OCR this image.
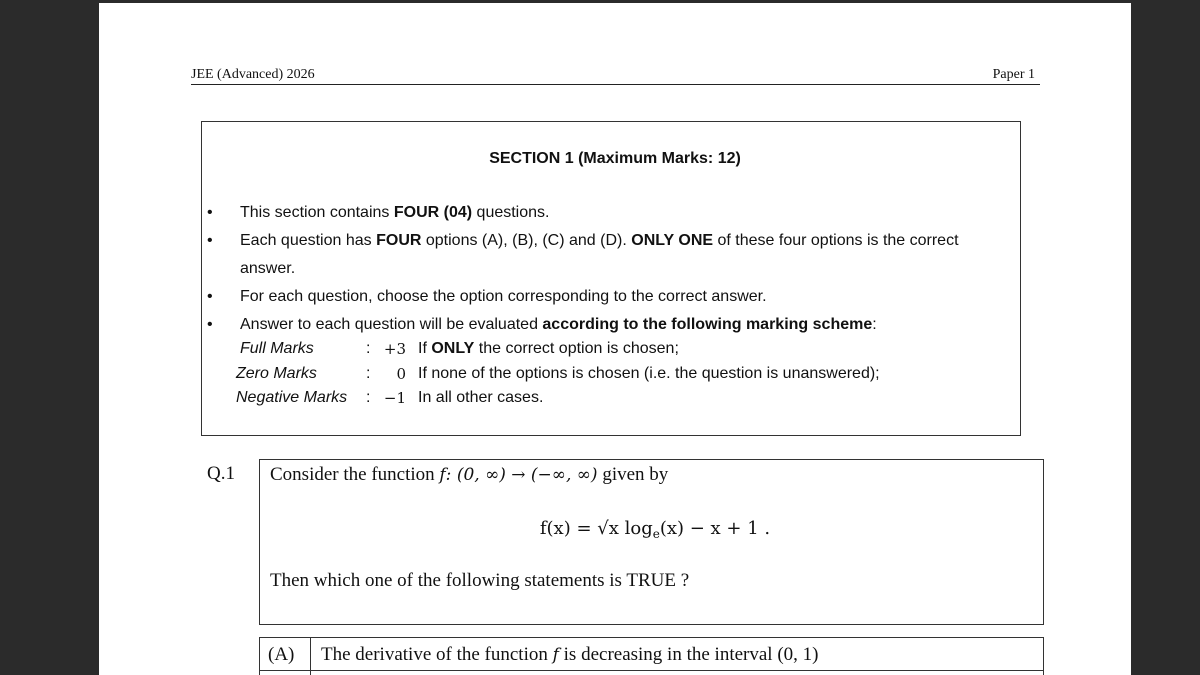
JEE (Advanced) 2026	Paper 1
SECTION 1 (Maximum Marks: 12)
• This section contains FOUR (04) questions.
• Each question has FOUR options (A), (B), (C) and (D). ONLY ONE of these four options is the correct
answer.
• For each question, choose the option corresponding to the correct answer.
• Answer to each question will be evaluated according to the following marking scheme:
Full Marks	: +3 If ONLY the correct option is chosen;
Zero Marks	:	0 If none of the options is chosen (i.e. the question is unanswered);
Negative Marks : −1 In all other cases.
Q.1 Consider the function f: (0, ∞) → (−∞, ∞) given by
f(x) = √x $\log_e(x) - x + 1$ .
Then which one of the following statements is TRUE ?
(A) The derivative of the function f is decreasing in the interval (0, 1)
